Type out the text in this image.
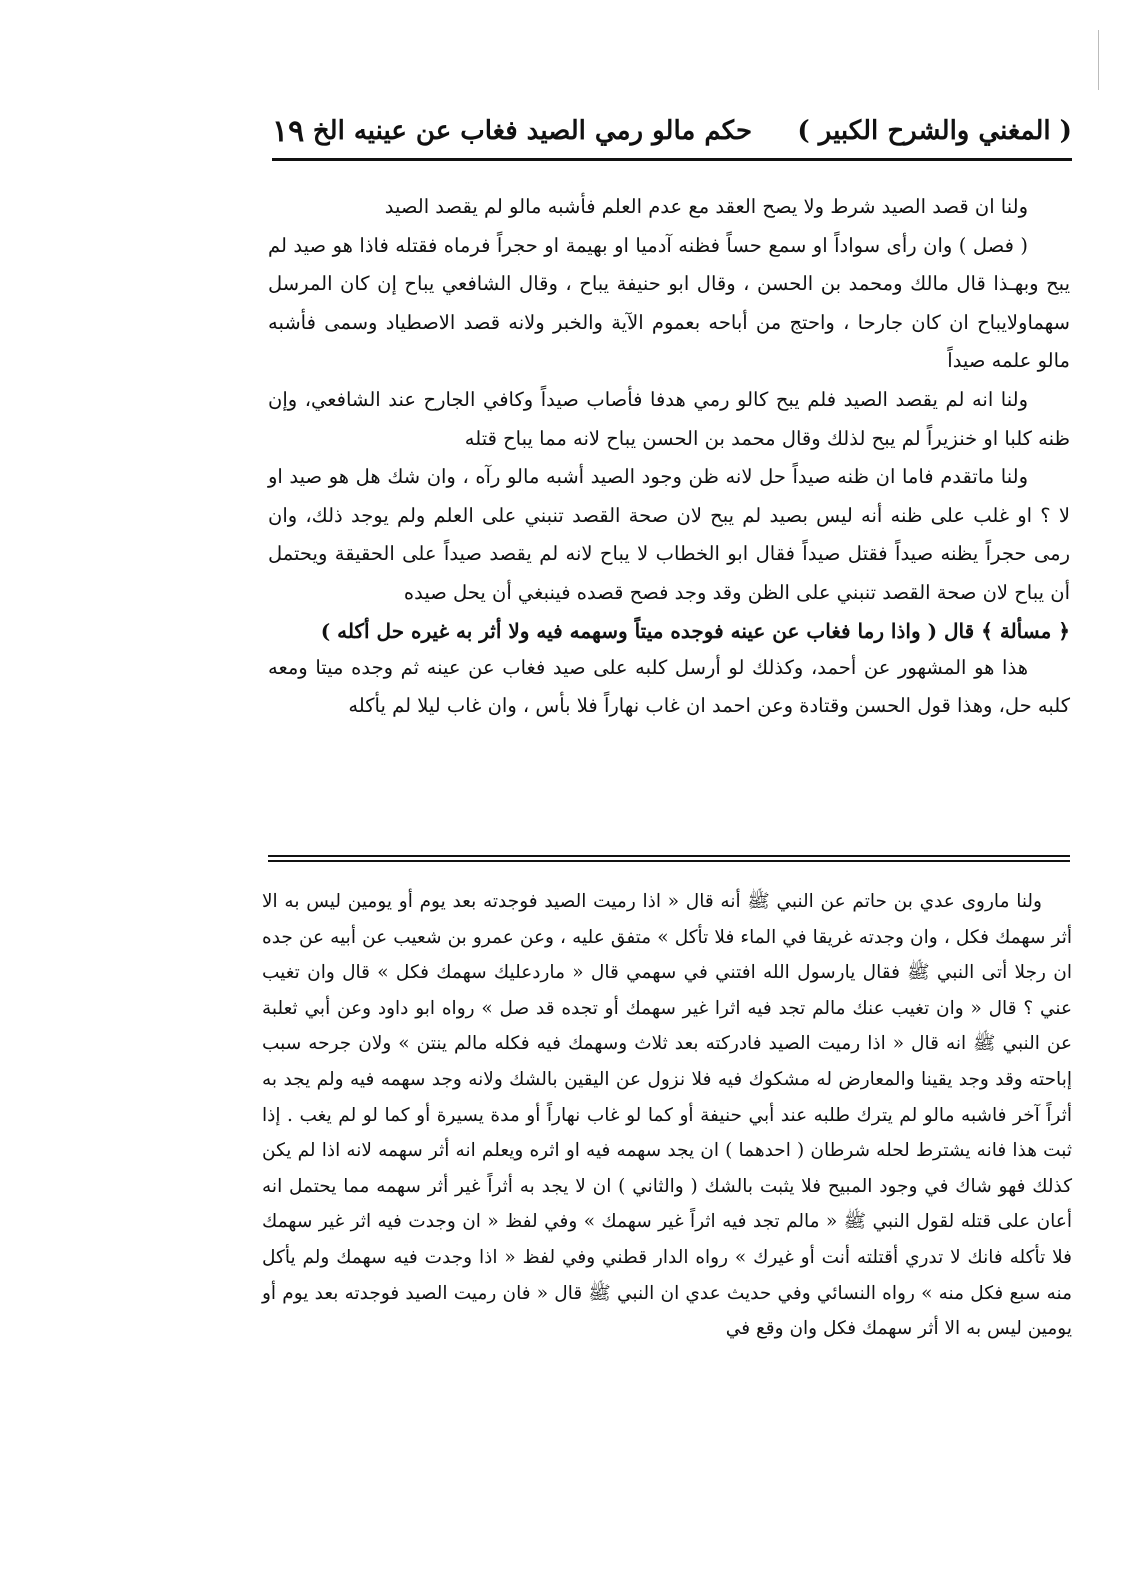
( المغني والشرح الكبير )     حكم مالو رمي الصيد فغاب عن عينيه الخ
١٩

ولنا ان قصد الصيد شرط ولا يصح العقد مع عدم العلم فأشبه مالو لم يقصد الصيد

( فصل ) وان رأى سواداً او سمع حساً فظنه آدميا او بهيمة او حجراً فرماه فقتله فاذا هو صيد لم يبح وبهـذا قال مالك ومحمد بن الحسن ، وقال ابو حنيفة يباح ، وقال الشافعي يباح إن كان المرسل سهماولايباح ان كان جارحا ، واحتج من أباحه بعموم الآية والخبر ولانه قصد الاصطياد وسمى فأشبه مالو علمه صيداً

ولنا انه لم يقصد الصيد فلم يبح كالو رمي هدفا فأصاب صيداً وكافي الجارح عند الشافعي، وإن ظنه كلبا او خنزيراً لم يبح لذلك وقال محمد بن الحسن يباح لانه مما يباح قتله

ولنا ماتقدم فاما ان ظنه صيداً حل لانه ظن وجود الصيد أشبه مالو رآه ، وان شك هل هو صيد او لا ؟ او غلب على ظنه أنه ليس بصيد لم يبح لان صحة القصد تنبني على العلم ولم يوجد ذلك، وان رمى حجراً يظنه صيداً فقتل صيداً فقال ابو الخطاب لا يباح لانه لم يقصد صيداً على الحقيقة ويحتمل أن يباح لان صحة القصد تنبني على الظن وقد وجد فصح قصده فينبغي أن يحل صيده

﴿ مسألة ﴾ قال ( واذا رما فغاب عن عينه فوجده ميتاً وسهمه فيه ولا أثر به غيره حل أكله )

هذا هو المشهور عن أحمد، وكذلك لو أرسل كلبه على صيد فغاب عن عينه ثم وجده ميتا ومعه كلبه حل، وهذا قول الحسن وقتادة وعن احمد ان غاب نهاراً فلا بأس ، وان غاب ليلا لم يأكله

ولنا ماروى عدي بن حاتم عن النبي ﷺ أنه قال « اذا رميت الصيد فوجدته بعد يوم أو يومين ليس به الا أثر سهمك فكل ، وان وجدته غريقا في الماء فلا تأكل » متفق عليه ، وعن عمرو بن شعيب عن أبيه عن جده ان رجلا أتى النبي ﷺ فقال يارسول الله افتني في سهمي قال « ماردعليك سهمك فكل » قال وان تغيب عني ؟ قال « وان تغيب عنك مالم تجد فيه اثرا غير سهمك أو تجده قد صل » رواه ابو داود وعن أبي ثعلبة عن النبي ﷺ انه قال « اذا رميت الصيد فادركته بعد ثلاث وسهمك فيه فكله مالم ينتن » ولان جرحه سبب إباحته وقد وجد يقينا والمعارض له مشكوك فيه فلا نزول عن اليقين بالشك ولانه وجد سهمه فيه ولم يجد به أثراً آخر فاشبه مالو لم يترك طلبه عند أبي حنيفة أو كما لو غاب نهاراً أو مدة يسيرة أو كما لو لم يغب . إذا ثبت هذا فانه يشترط لحله شرطان ( احدهما ) ان يجد سهمه فيه او اثره ويعلم انه أثر سهمه لانه اذا لم يكن كذلك فهو شاك في وجود المبيح فلا يثبت بالشك ( والثاني ) ان لا يجد به أثراً غير أثر سهمه مما يحتمل انه أعان على قتله لقول النبي ﷺ « مالم تجد فيه اثراً غير سهمك » وفي لفظ « ان وجدت فيه اثر غير سهمك فلا تأكله فانك لا تدري أقتلته أنت أو غيرك » رواه الدار قطني وفي لفظ « اذا وجدت فيه سهمك ولم يأكل منه سبع فكل منه » رواه النسائي وفي حديث عدي ان النبي ﷺ قال « فان رميت الصيد فوجدته بعد يوم أو يومين ليس به الا أثر سهمك فكل وان وقع في
